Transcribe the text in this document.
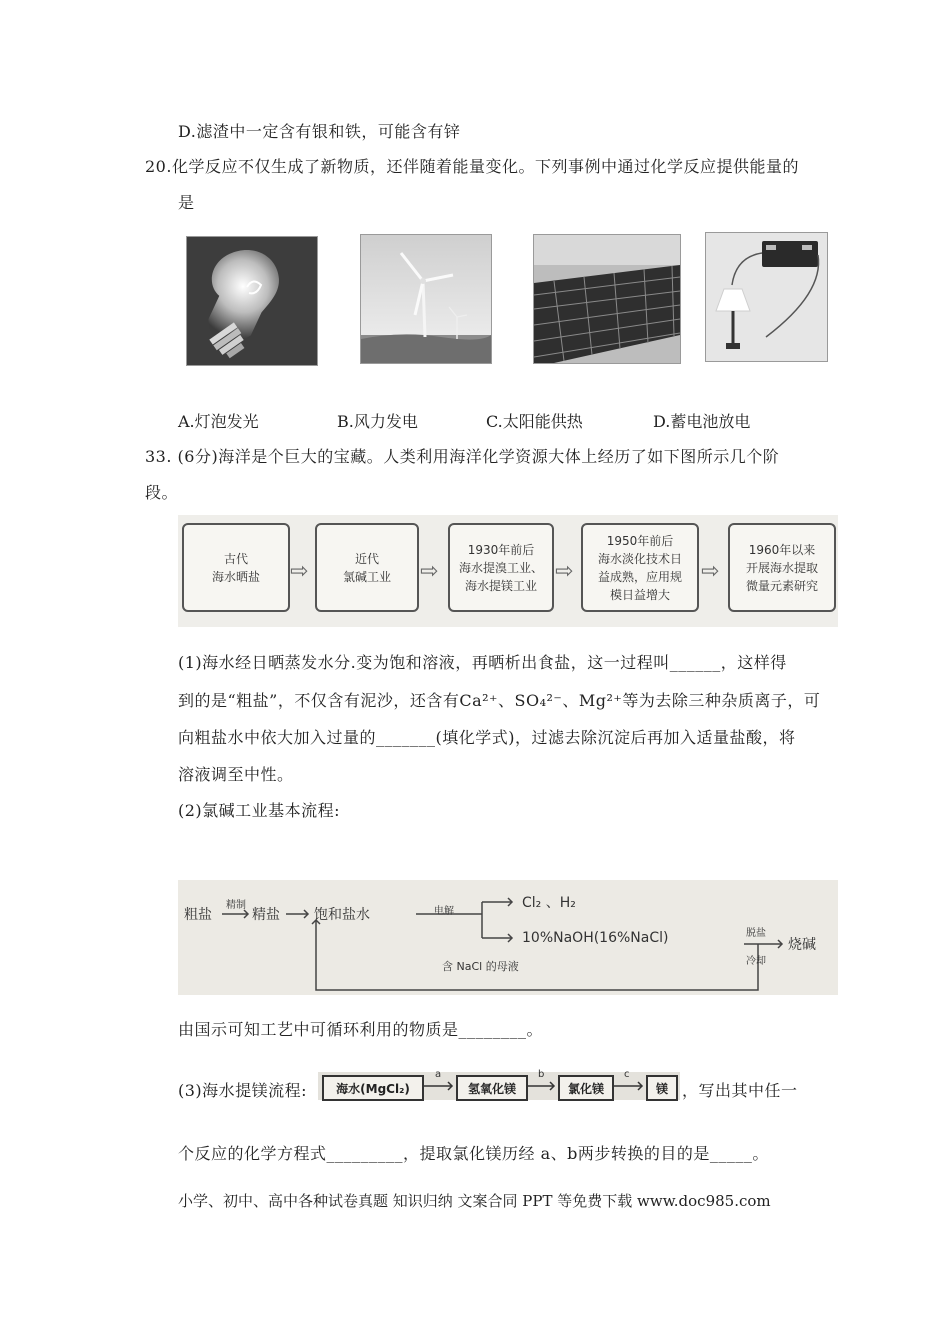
D.滤渣中一定含有银和铁，可能含有锌
20.化学反应不仅生成了新物质，还伴随着能量变化。下列事例中通过化学反应提供能量的
是
A.灯泡发光	B.风力发电	C.太阳能供热	D.蓄电池放电
33. (6分)海洋是个巨大的宝藏。人类利用海洋化学资源大体上经历了如下图所示几个阶
段。
古代
海水晒盐 ⇨
近代
氯碱工业 ⇨
1930年前后
海水提溴工业、
海水提镁工业
⇨
1950年前后
海水淡化技术日
益成熟，应用规
模日益增大
⇨
1960年以来
开展海水提取
微量元素研究
(1)海水经日晒蒸发水分.变为饱和溶液，再晒析出食盐，这一过程叫______，这样得
到的是“粗盐”，不仅含有泥沙，还含有Ca²⁺、SO₄²⁻、Mg²⁺等为去除三种杂质离子，可
向粗盐水中依大加入过量的_______(填化学式)，过滤去除沉淀后再加入适量盐酸，将
溶液调至中性。
(2)氯碱工业基本流程:
粗盐
精制
精盐 饱和盐水	电解
Cl₂ 、H₂
10%NaOH(16%NaCl)	脱盐
冷却
烧碱
含 NaCl 的母液
由国示可知工艺中可循环利用的物质是________。
(3)海水提镁流程:	海水(MgCl₂)
a
氢氧化镁
b
氯化镁
c
镁 ，写出其中任一
个反应的化学方程式_________，提取氯化镁历经 a、b两步转换的目的是_____。
小学、初中、高中各种试卷真题 知识归纳 文案合同 PPT 等免费下载 www.doc985.com
